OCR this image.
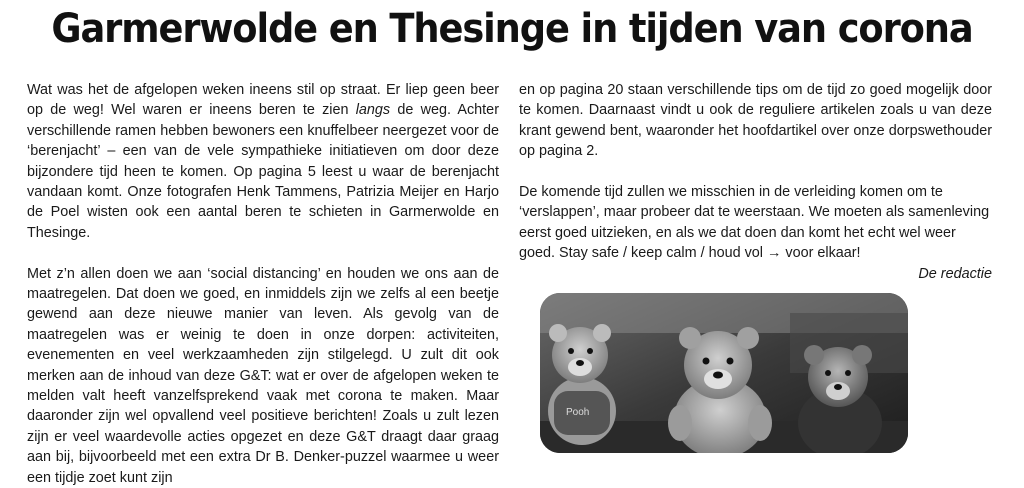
Garmerwolde en Thesinge in tijden van corona

Wat was het de afgelopen weken ineens stil op straat. Er liep geen beer op de weg! Wel waren er ineens beren te zien langs de weg. Achter verschillende ramen hebben bewoners een knuffelbeer neergezet voor de ‘berenjacht’ – een van de vele sympathieke initiatieven om door deze bijzondere tijd heen te komen. Op pagina 5 leest u waar de berenjacht vandaan komt. Onze fotografen Henk Tammens, Patrizia Meijer en Harjo de Poel wisten ook een aantal beren te schieten in Garmerwolde en Thesinge.

Met z’n allen doen we aan ‘social distancing’ en houden we ons aan de maatregelen. Dat doen we goed, en inmiddels zijn we zelfs al een beetje gewend aan deze nieuwe manier van leven. Als gevolg van de maatregelen was er weinig te doen in onze dorpen: activiteiten, evenementen en veel werkzaamheden zijn stilgelegd. U zult dit ook merken aan de inhoud van deze G&T: wat er over de afgelopen weken te melden valt heeft vanzelfsprekend vaak met corona te maken. Maar daaronder zijn wel opvallend veel positieve berichten! Zoals u zult lezen zijn er veel waardevolle acties opgezet en deze G&T draagt daar graag aan bij, bijvoorbeeld met een extra Dr B. Denker-puzzel waarmee u weer een tijdje zoet kunt zijn

en op pagina 20 staan verschillende tips om de tijd zo goed mogelijk door te komen. Daarnaast vindt u ook de reguliere artikelen zoals u van deze krant gewend bent, waaronder het hoofdartikel over onze dorpswethouder op pagina 2.

De komende tijd zullen we misschien in de verleiding komen om te ‘verslappen’, maar probeer dat te weerstaan. We moeten als samenleving eerst goed uitzieken, en als we dat doen dan komt het echt wel weer goed. Stay safe / keep calm / houd vol → voor elkaar!

De redactie

Pooh
